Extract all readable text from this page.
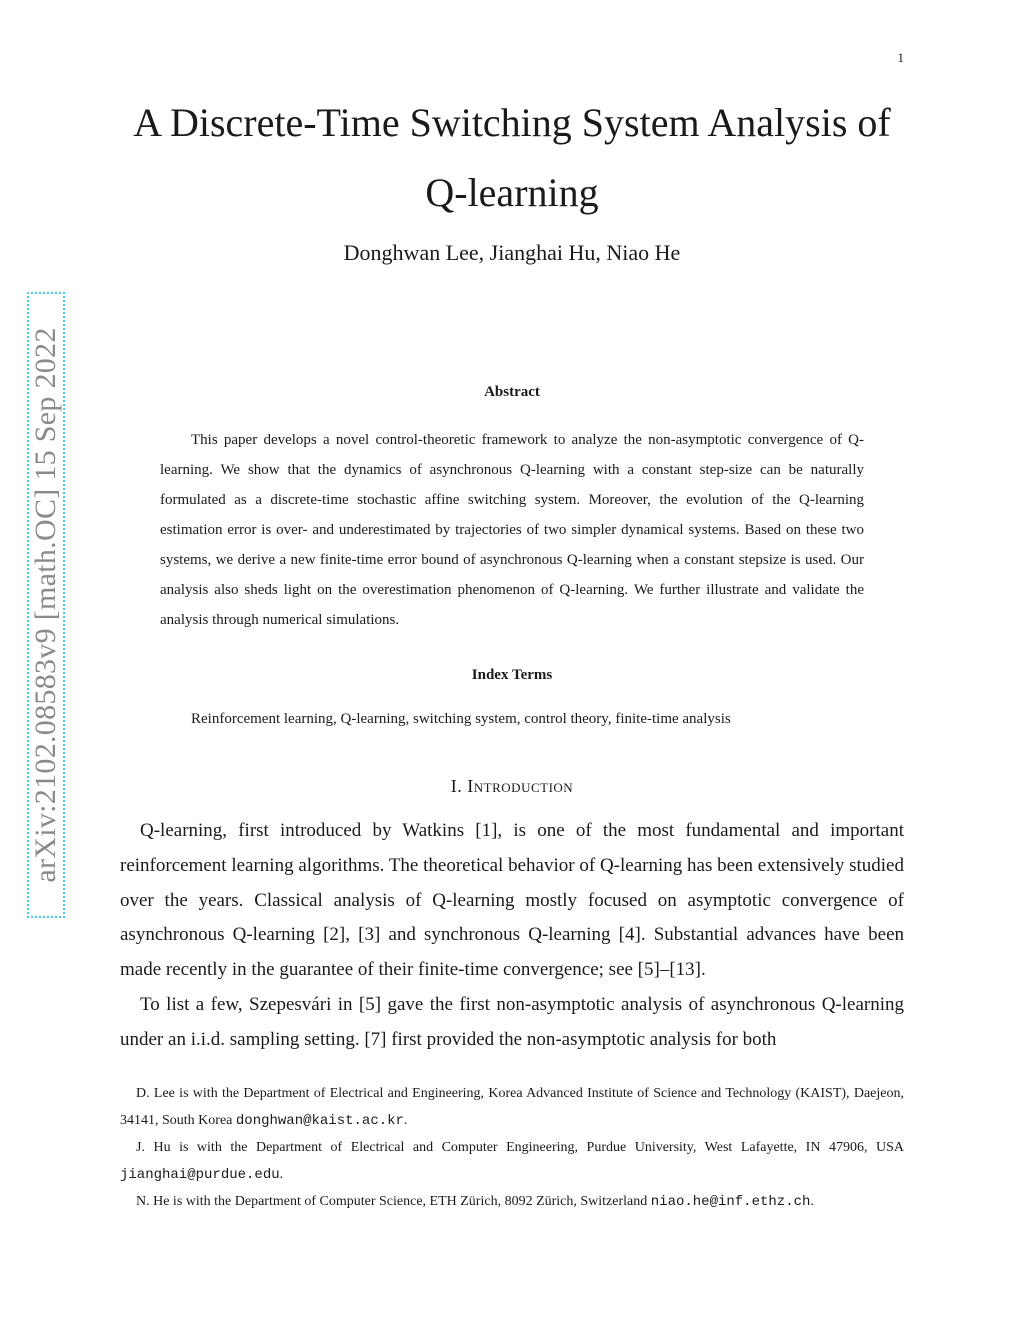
1
arXiv:2102.08583v9 [math.OC] 15 Sep 2022
A Discrete-Time Switching System Analysis of Q-learning
Donghwan Lee, Jianghai Hu, Niao He
Abstract

This paper develops a novel control-theoretic framework to analyze the non-asymptotic convergence of Q-learning. We show that the dynamics of asynchronous Q-learning with a constant step-size can be naturally formulated as a discrete-time stochastic affine switching system. Moreover, the evolution of the Q-learning estimation error is over- and underestimated by trajectories of two simpler dynamical systems. Based on these two systems, we derive a new finite-time error bound of asynchronous Q-learning when a constant stepsize is used. Our analysis also sheds light on the overestimation phenomenon of Q-learning. We further illustrate and validate the analysis through numerical simulations.

Index Terms

Reinforcement learning, Q-learning, switching system, control theory, finite-time analysis

I. Introduction

Q-learning, first introduced by Watkins [1], is one of the most fundamental and important reinforcement learning algorithms. The theoretical behavior of Q-learning has been extensively studied over the years. Classical analysis of Q-learning mostly focused on asymptotic convergence of asynchronous Q-learning [2], [3] and synchronous Q-learning [4]. Substantial advances have been made recently in the guarantee of their finite-time convergence; see [5]–[13].

To list a few, Szepesvári in [5] gave the first non-asymptotic analysis of asynchronous Q-learning under an i.i.d. sampling setting. [7] first provided the non-asymptotic analysis for both

D. Lee is with the Department of Electrical and Engineering, Korea Advanced Institute of Science and Technology (KAIST), Daejeon, 34141, South Korea donghwan@kaist.ac.kr.

J. Hu is with the Department of Electrical and Computer Engineering, Purdue University, West Lafayette, IN 47906, USA jianghai@purdue.edu.

N. He is with the Department of Computer Science, ETH Zürich, 8092 Zürich, Switzerland niao.he@inf.ethz.ch.
